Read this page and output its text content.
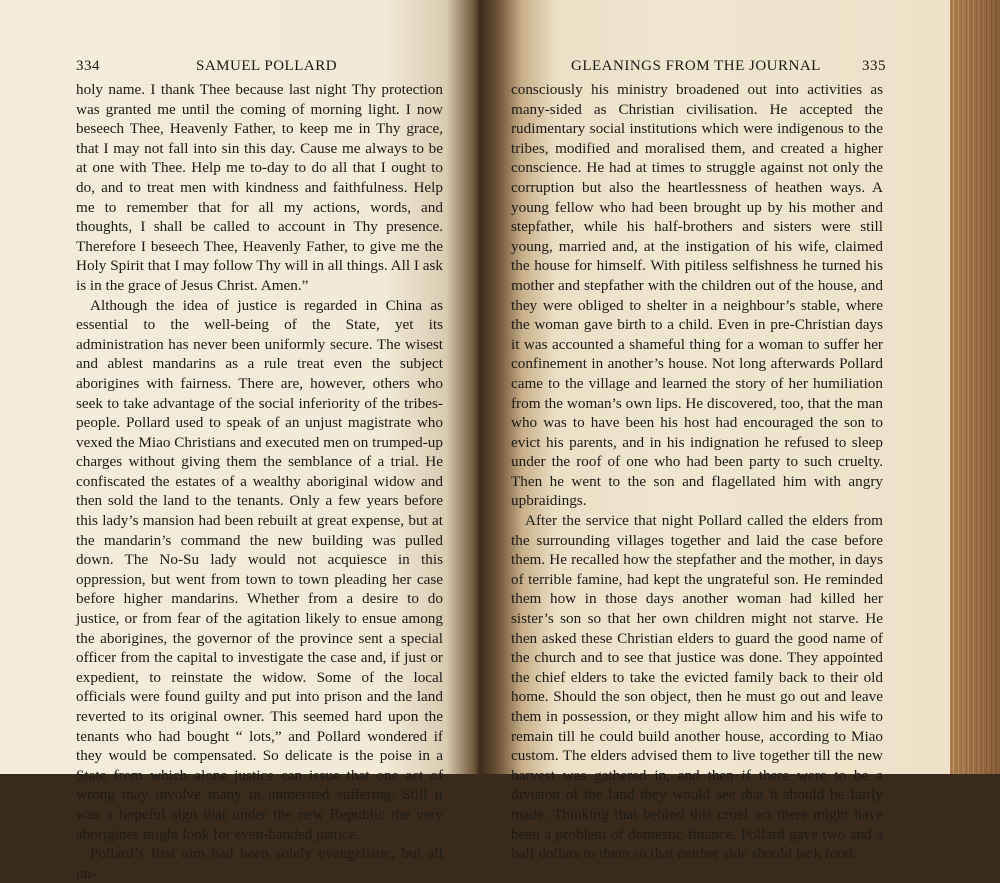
334	SAMUEL POLLARD	GLEANINGS FROM THE JOURNAL	335

holy name. I thank Thee because last night Thy protection was granted me until the coming of morning light. I now beseech Thee, Heavenly Father, to keep me in Thy grace, that I may not fall into sin this day. Cause me always to be at one with Thee. Help me to-day to do all that I ought to do, and to treat men with kindness and faithfulness. Help me to remember that for all my actions, words, and thoughts, I shall be called to account in Thy presence. Therefore I beseech Thee, Heavenly Father, to give me the Holy Spirit that I may follow Thy will in all things. All I ask is in the grace of Jesus Christ. Amen.”

Although the idea of justice is regarded in China as essential to the well-being of the State, yet its administration has never been uniformly secure. The wisest and ablest mandarins as a rule treat even the subject aborigines with fairness. There are, however, others who seek to take advantage of the social inferiority of the tribes-people. Pollard used to speak of an unjust magistrate who vexed the Miao Christians and executed men on trumped-up charges without giving them the semblance of a trial. He confiscated the estates of a wealthy aboriginal widow and then sold the land to the tenants. Only a few years before this lady’s mansion had been rebuilt at great expense, but at the mandarin’s command the new building was pulled down. The No-Su lady would not acquiesce in this oppression, but went from town to town pleading her case before higher mandarins. Whether from a desire to do justice, or from fear of the agitation likely to ensue among the aborigines, the governor of the province sent a special officer from the capital to investigate the case and, if just or expedient, to reinstate the widow. Some of the local officials were found guilty and put into prison and the land reverted to its original owner. This seemed hard upon the tenants who had bought “ lots,” and Pollard wondered if they would be compensated. So delicate is the poise in a State from which alone justice can issue that one act of wrong may involve many in unmerited suffering. Still it was a hopeful sign that under the new Republic the very aborigines might look for even-handed justice.

Pollard’s first aim had been solely evangelistic, but all un-

consciously his ministry broadened out into activities as many-sided as Christian civilisation. He accepted the rudimentary social institutions which were indigenous to the tribes, modified and moralised them, and created a higher conscience. He had at times to struggle against not only the corruption but also the heartlessness of heathen ways. A young fellow who had been brought up by his mother and stepfather, while his half-brothers and sisters were still young, married and, at the instigation of his wife, claimed the house for himself. With pitiless selfishness he turned his mother and stepfather with the children out of the house, and they were obliged to shelter in a neighbour’s stable, where the woman gave birth to a child. Even in pre-Christian days it was accounted a shameful thing for a woman to suffer her confinement in another’s house. Not long afterwards Pollard came to the village and learned the story of her humiliation from the woman’s own lips. He discovered, too, that the man who was to have been his host had encouraged the son to evict his parents, and in his indignation he refused to sleep under the roof of one who had been party to such cruelty. Then he went to the son and flagellated him with angry upbraidings.

After the service that night Pollard called the elders from the surrounding villages together and laid the case before them. He recalled how the stepfather and the mother, in days of terrible famine, had kept the ungrateful son. He reminded them how in those days another woman had killed her sister’s son so that her own children might not starve. He then asked these Christian elders to guard the good name of the church and to see that justice was done. They appointed the chief elders to take the evicted family back to their old home. Should the son object, then he must go out and leave them in possession, or they might allow him and his wife to remain till he could build another house, according to Miao custom. The elders advised them to live together till the new harvest was gathered in, and then if there were to be a division of the land they would see that it should be fairly made. Thinking that behind this cruel act there might have been a problem of domestic finance, Pollard gave two and a half dollars to them so that neither side should lack food.
